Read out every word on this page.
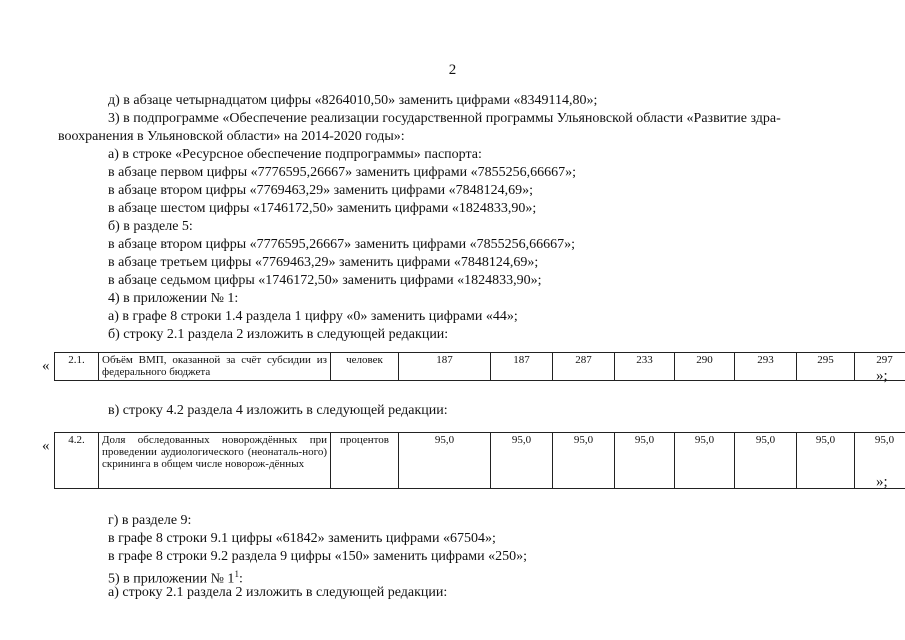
2
д) в абзаце четырнадцатом цифры «8264010,50» заменить цифрами «8349114,80»;
3) в подпрограмме «Обеспечение реализации государственной программы Ульяновской области «Развитие здра-
воохранения в Ульяновской области» на 2014-2020 годы»:
а) в строке «Ресурсное обеспечение подпрограммы» паспорта:
в абзаце первом цифры «7776595,26667» заменить цифрами «7855256,66667»;
в абзаце втором цифры «7769463,29» заменить цифрами «7848124,69»;
в абзаце шестом цифры «1746172,50» заменить цифрами «1824833,90»;
б) в разделе 5:
в абзаце втором цифры «7776595,26667» заменить цифрами «7855256,66667»;
в абзаце третьем цифры «7769463,29» заменить цифрами «7848124,69»;
в абзаце седьмом цифры «1746172,50» заменить цифрами «1824833,90»;
4) в приложении № 1:
а) в графе 8 строки 1.4 раздела 1 цифру «0» заменить цифрами «44»;
б) строку 2.1 раздела 2 изложить в следующей редакции:
« 2.1.	Объём ВМП, оказанной за счёт субсидии из федерального бюджета	человек	187	187	287	233	290	293	295	297
»;
в) строку 4.2 раздела 4 изложить в следующей редакции:
« 4.2.	Доля обследованных новорождённых при проведении аудиологического (неонаталь-ного) скрининга в общем числе новорож-дённых	процентов	95,0	95,0	95,0	95,0	95,0	95,0	95,0	95,0
»;
г) в разделе 9:
в графе 8 строки 9.1 цифры «61842» заменить цифрами «67504»;
в графе 8 строки 9.2 раздела 9 цифры «150» заменить цифрами «250»;
5) в приложении № $1^1$:
а) строку 2.1 раздела 2 изложить в следующей редакции:
